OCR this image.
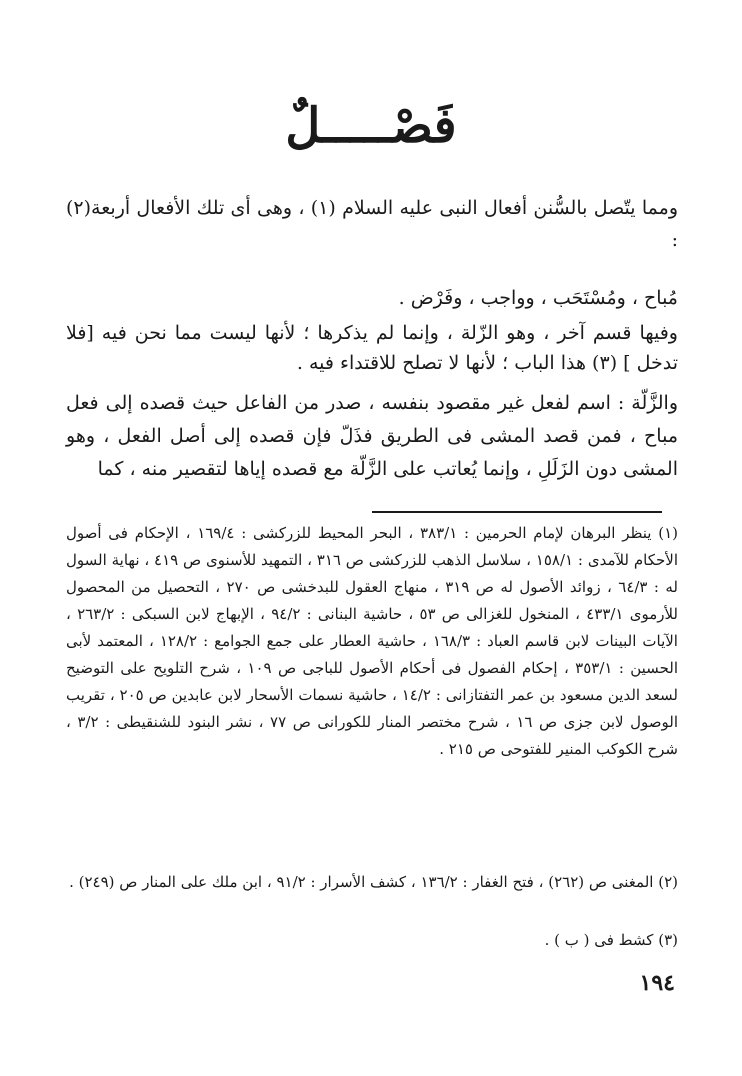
فَصْـــــلٌ
ومما يتّصل بالسُّنن أفعال النبى عليه السلام (١) ، وهى أى تلك الأفعال أربعة(٢) :
مُباح ، ومُسْتَحَب ، وواجب ، وفَرْض .
وفيها قسم آخر ، وهو الزّلة ، وإنما لم يذكرها ؛ لأنها ليست مما نحن فيه [فلا تدخل ] (٣) هذا الباب ؛ لأنها لا تصلح للاقتداء فيه .
والزَّلّة : اسم لفعل غير مقصود بنفسه ، صدر من الفاعل حيث قصده إلى فعل مباح ، فمن قصد المشى فى الطريق فذَلّ فإن قصده إلى أصل الفعل ، وهو المشى دون الزَلَلِ ، وإنما يُعاتب على الزَّلّة مع قصده إياها لتقصير منه ، كما
(١) ينظر البرهان لإمام الحرمين : ٣٨٣/١ ، البحر المحيط للزركشى : ١٦٩/٤ ، الإحكام فى أصول الأحكام للآمدى : ١٥٨/١ ، سلاسل الذهب للزركشى ص ٣١٦ ، التمهيد للأسنوى ص ٤١٩ ، نهاية السول له : ٦٤/٣ ، زوائد الأصول له ص ٣١٩ ، منهاج العقول للبدخشى ص ٢٧٠ ، التحصيل من المحصول للأرموى ٤٣٣/١ ، المنخول للغزالى ص ٥٣ ، حاشية البنانى : ٩٤/٢ ، الإبهاج لابن السبكى : ٢٦٣/٢ ، الآيات البينات لابن قاسم العباد : ١٦٨/٣ ، حاشية العطار على جمع الجوامع : ١٢٨/٢ ، المعتمد لأبى الحسين : ٣٥٣/١ ، إحكام الفصول فى أحكام الأصول للباجى ص ١٠٩ ، شرح التلويح على التوضيح لسعد الدين مسعود بن عمر التفتازانى : ١٤/٢ ، حاشية نسمات الأسحار لابن عابدين ص ٢٠٥ ، تقريب الوصول لابن جزى ص ١٦ ، شرح مختصر المنار للكورانى ص ٧٧ ، نشر البنود للشنقيطى : ٣/٢ ، شرح الكوكب المنير للفتوحى ص ٢١٥ .
(٢) المغنى ص (٢٦٢) ، فتح الغفار : ١٣٦/٢ ، كشف الأسرار : ٩١/٢ ، ابن ملك على المنار ص (٢٤٩) .
(٣) كشط فى ( ب ) .
١٩٤
